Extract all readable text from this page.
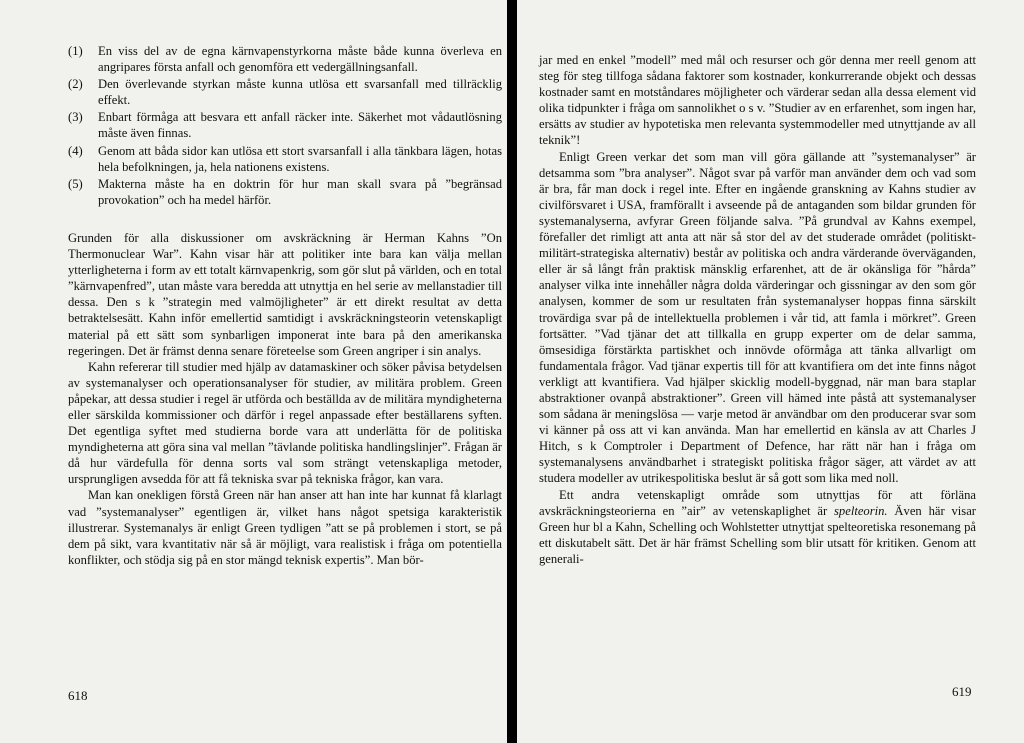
(1) En viss del av de egna kärnvapenstyrkorna måste både kunna överleva en angripares första anfall och genomföra ett vedergällningsanfall.
(2) Den överlevande styrkan måste kunna utlösa ett svarsanfall med tillräcklig effekt.
(3) Enbart förmåga att besvara ett anfall räcker inte. Säkerhet mot vådautlösning måste även finnas.
(4) Genom att båda sidor kan utlösa ett stort svarsanfall i alla tänkbara lägen, hotas hela befolkningen, ja, hela nationens existens.
(5) Makterna måste ha en doktrin för hur man skall svara på ”begränsad provokation” och ha medel härför.

Grunden för alla diskussioner om avskräckning är Herman Kahns ”On Thermonuclear War”. Kahn visar här att politiker inte bara kan välja mellan ytterligheterna i form av ett totalt kärnvapenkrig, som gör slut på världen, och en total ”kärnvapenfred”, utan måste vara beredda att utnyttja en hel serie av mellanstadier till dessa. Den s k ”strategin med valmöjligheter” är ett direkt resultat av detta betraktelsesätt. Kahn inför emellertid samtidigt i avskräckningsteorin vetenskapligt material på ett sätt som synbarligen imponerat inte bara på den amerikanska regeringen. Det är främst denna senare företeelse som Green angriper i sin analys.

Kahn refererar till studier med hjälp av datamaskiner och söker påvisa betydelsen av systemanalyser och operationsanalyser för studier, av militära problem. Green påpekar, att dessa studier i regel är utförda och beställda av de militära myndigheterna eller särskilda kommissioner och därför i regel anpassade efter beställarens syften. Det egentliga syftet med studierna borde vara att underlätta för de politiska myndigheterna att göra sina val mellan ”tävlande politiska handlingslinjer”. Frågan är då hur värdefulla för denna sorts val som strängt vetenskapliga metoder, ursprungligen avsedda för att få tekniska svar på tekniska frågor, kan vara.

Man kan onekligen förstå Green när han anser att han inte har kunnat få klarlagt vad ”systemanalyser” egentligen är, vilket hans något spetsiga karakteristik illustrerar. Systemanalys är enligt Green tydligen ”att se på problemen i stort, se på dem på sikt, vara kvantitativ när så är möjligt, vara realistisk i fråga om potentiella konflikter, och stödja sig på en stor mängd teknisk expertis”. Man bör-

618

jar med en enkel ”modell” med mål och resurser och gör denna mer reell genom att steg för steg tillfoga sådana faktorer som kostnader, konkurrerande objekt och dessas kostnader samt en motståndares möjligheter och värderar sedan alla dessa element vid olika tidpunkter i fråga om sannolikhet o s v. ”Studier av en erfarenhet, som ingen har, ersätts av studier av hypotetiska men relevanta systemmodeller med utnyttjande av all teknik”!

Enligt Green verkar det som man vill göra gällande att ”systemanalyser” är detsamma som ”bra analyser”. Något svar på varför man använder dem och vad som är bra, får man dock i regel inte. Efter en ingående granskning av Kahns studier av civilförsvaret i USA, framförallt i avseende på de antaganden som bildar grunden för systemanalyserna, avfyrar Green följande salva. ”På grundval av Kahns exempel, förefaller det rimligt att anta att när så stor del av det studerade området (politiskt-militärt-strategiska alternativ) består av politiska och andra värderande överväganden, eller är så långt från praktisk mänsklig erfarenhet, att de är okänsliga för ”hårda” analyser vilka inte innehåller några dolda värderingar och gissningar av den som gör analysen, kommer de som ur resultaten från systemanalyser hoppas finna särskilt trovärdiga svar på de intellektuella problemen i vår tid, att famla i mörkret”. Green fortsätter. ”Vad tjänar det att tillkalla en grupp experter om de delar samma, ömsesidiga förstärkta partiskhet och innövde oförmåga att tänka allvarligt om fundamentala frågor. Vad tjänar expertis till för att kvantifiera om det inte finns något verkligt att kvantifiera. Vad hjälper skicklig modell-byggnad, när man bara staplar abstraktioner ovanpå abstraktioner”. Green vill hämed inte påstå att systemanalyser som sådana är meningslösa — varje metod är användbar om den producerar svar som vi känner på oss att vi kan använda. Man har emellertid en känsla av att Charles J Hitch, s k Comptroler i Department of Defence, har rätt när han i fråga om systemanalysens användbarhet i strategiskt politiska frågor säger, att värdet av att studera modeller av utrikespolitiska beslut är så gott som lika med noll.

Ett andra vetenskapligt område som utnyttjas för att förläna avskräckningsteorierna en ”air” av vetenskaplighet är spelteorin. Även här visar Green hur bl a Kahn, Schelling och Wohlstetter utnyttjat spelteoretiska resonemang på ett diskutabelt sätt. Det är här främst Schelling som blir utsatt för kritiken. Genom att generali-

619
